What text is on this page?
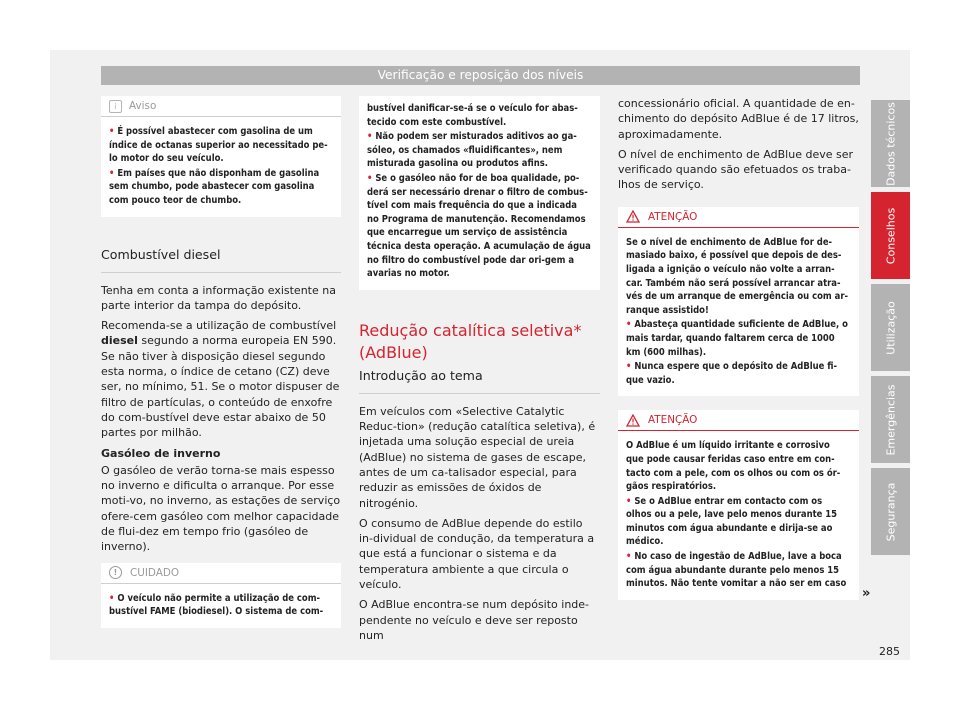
Verificação e reposição dos níveis
i	Aviso

• É possível abastecer com gasolina de um índice de octanas superior ao necessitado pe-lo motor do seu veículo.

• Em países que não disponham de gasolina sem chumbo, pode abastecer com gasolina com pouco teor de chumbo.

Combustível diesel

Tenha em conta a informação existente na parte interior da tampa do depósito.

Recomenda-se a utilização de combustível diesel segundo a norma europeia EN 590. Se não tiver à disposição diesel segundo esta norma, o índice de cetano (CZ) deve ser, no mínimo, 51. Se o motor dispuser de filtro de partículas, o conteúdo de enxofre do com-bustível deve estar abaixo de 50 partes por milhão.

Gasóleo de inverno

O gasóleo de verão torna-se mais espesso no inverno e dificulta o arranque. Por esse moti-vo, no inverno, as estações de serviço ofere-cem gasóleo com melhor capacidade de flui-dez em tempo frio (gasóleo de inverno).

!	CUIDADO

• O veículo não permite a utilização de com-bustível FAME (biodiesel). O sistema de com-

bustível danificar-se-á se o veículo for abas-tecido com este combustível.

• Não podem ser misturados aditivos ao ga-sóleo, os chamados «fluidificantes», nem misturada gasolina ou produtos afins.

• Se o gasóleo não for de boa qualidade, po-derá ser necessário drenar o filtro de combus-tível com mais frequência do que a indicada no Programa de manutenção. Recomendamos que encarregue um serviço de assistência técnica desta operação. A acumulação de água no filtro do combustível pode dar ori-gem a avarias no motor.

Redução catalítica seletiva*
(AdBlue)
Introdução ao tema

Em veículos com «Selective Catalytic Reduc-tion» (redução catalítica seletiva), é injetada uma solução especial de ureia (AdBlue) no sistema de gases de escape, antes de um ca-talisador especial, para reduzir as emissões de óxidos de nitrogénio.

O consumo de AdBlue depende do estilo in-dividual de condução, da temperatura a que está a funcionar o sistema e da temperatura ambiente a que circula o veículo.

O AdBlue encontra-se num depósito inde-pendente no veículo e deve ser reposto num

concessionário oficial. A quantidade de en-chimento do depósito AdBlue é de 17 litros, aproximadamente.

O nível de enchimento de AdBlue deve ser verificado quando são efetuados os traba-lhos de serviço.

ATENÇÃO

Se o nível de enchimento de AdBlue for de-masiado baixo, é possível que depois de des-ligada a ignição o veículo não volte a arran-car. Também não será possível arrancar atra-vés de um arranque de emergência ou com ar-ranque assistido!

• Abasteça quantidade suficiente de AdBlue, o mais tardar, quando faltarem cerca de 1000 km (600 milhas).

• Nunca espere que o depósito de AdBlue fi-que vazio.

ATENÇÃO

O AdBlue é um líquido irritante e corrosivo que pode causar feridas caso entre em con-tacto com a pele, com os olhos ou com os ór-gãos respiratórios.

• Se o AdBlue entrar em contacto com os olhos ou a pele, lave pelo menos durante 15 minutos com água abundante e dirija-se ao médico.

• No caso de ingestão de AdBlue, lave a boca com água abundante durante pelo menos 15 minutos. Não tente vomitar a não ser em caso

»
Dados técnicos
Conselhos
Utilização
Emergências
Segurança
285
